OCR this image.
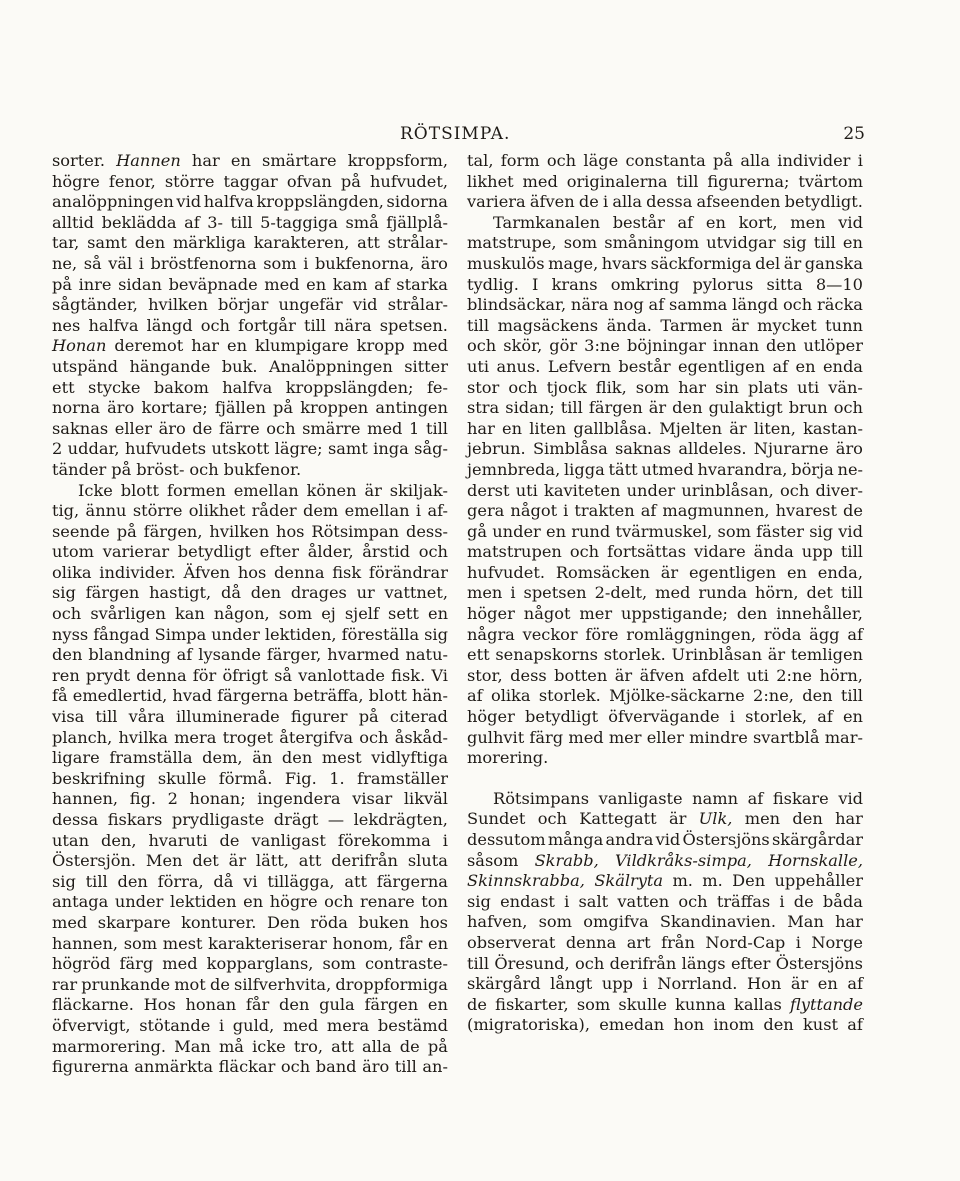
RÖTSIMPA.	25
sorter. Hannen har en smärtare kroppsform,
högre fenor, större taggar ofvan på hufvudet,
analöppningen vid halfva kroppslängden, sidorna
alltid beklädda af 3- till 5-taggiga små fjällplå-
tar, samt den märkliga karakteren, att strålar-
ne, så väl i bröstfenorna som i bukfenorna, äro
på inre sidan beväpnade med en kam af starka
sågtänder, hvilken börjar ungefär vid strålar-
nes halfva längd och fortgår till nära spetsen.
Honan deremot har en klumpigare kropp med
utspänd hängande buk. Analöppningen sitter
ett stycke bakom halfva kroppslängden; fe-
norna äro kortare; fjällen på kroppen antingen
saknas eller äro de färre och smärre med 1 till
2 uddar, hufvudets utskott lägre; samt inga såg-
tänder på bröst- och bukfenor.
Icke blott formen emellan könen är skiljak-
tig, ännu större olikhet råder dem emellan i af-
seende på färgen, hvilken hos Rötsimpan dess-
utom varierar betydligt efter ålder, årstid och
olika individer. Äfven hos denna fisk förändrar
sig färgen hastigt, då den drages ur vattnet,
och svårligen kan någon, som ej sjelf sett en
nyss fångad Simpa under lektiden, föreställa sig
den blandning af lysande färger, hvarmed natu-
ren prydt denna för öfrigt så vanlottade fisk. Vi
få emedlertid, hvad färgerna beträffa, blott hän-
visa till våra illuminerade figurer på citerad
planch, hvilka mera troget återgifva och åskåd-
ligare framställa dem, än den mest vidlyftiga
beskrifning skulle förmå. Fig. 1. framställer
hannen, fig. 2 honan; ingendera visar likväl
dessa fiskars prydligaste drägt — lekdrägten,
utan den, hvaruti de vanligast förekomma i
Östersjön. Men det är lätt, att derifrån sluta
sig till den förra, då vi tillägga, att färgerna
antaga under lektiden en högre och renare ton
med skarpare konturer. Den röda buken hos
hannen, som mest karakteriserar honom, får en
högröd färg med kopparglans, som contraste-
rar prunkande mot de silfverhvita, droppformiga
fläckarne. Hos honan får den gula färgen en
öfvervigt, stötande i guld, med mera bestämd
marmorering. Man må icke tro, att alla de på
figurerna anmärkta fläckar och band äro till an-
tal, form och läge constanta på alla individer i
likhet med originalerna till figurerna; tvärtom
variera äfven de i alla dessa afseenden betydligt.
Tarmkanalen består af en kort, men vid
matstrupe, som småningom utvidgar sig till en
muskulös mage, hvars säckformiga del är ganska
tydlig. I krans omkring pylorus sitta 8—10
blindsäckar, nära nog af samma längd och räcka
till magsäckens ända. Tarmen är mycket tunn
och skör, gör 3:ne böjningar innan den utlöper
uti anus. Lefvern består egentligen af en enda
stor och tjock flik, som har sin plats uti vän-
stra sidan; till färgen är den gulaktigt brun och
har en liten gallblåsa. Mjelten är liten, kastan-
jebrun. Simblåsa saknas alldeles. Njurarne äro
jemnbreda, ligga tätt utmed hvarandra, börja ne-
derst uti kaviteten under urinblåsan, och diver-
gera något i trakten af magmunnen, hvarest de
gå under en rund tvärmuskel, som fäster sig vid
matstrupen och fortsättas vidare ända upp till
hufvudet. Romsäcken är egentligen en enda,
men i spetsen 2-delt, med runda hörn, det till
höger något mer uppstigande; den innehåller,
några veckor före romläggningen, röda ägg af
ett senapskorns storlek. Urinblåsan är temligen
stor, dess botten är äfven afdelt uti 2:ne hörn,
af olika storlek. Mjölke-säckarne 2:ne, den till
höger betydligt öfvervägande i storlek, af en
gulhvit färg med mer eller mindre svartblå mar-
morering.
Rötsimpans vanligaste namn af fiskare vid
Sundet och Kattegatt är Ulk, men den har
dessutom många andra vid Östersjöns skärgårdar
såsom Skrabb, Vildkråks-simpa, Hornskalle,
Skinnskrabba, Skälryta m. m. Den uppehåller
sig endast i salt vatten och träffas i de båda
hafven, som omgifva Skandinavien. Man har
observerat denna art från Nord-Cap i Norge
till Öresund, och derifrån längs efter Östersjöns
skärgård långt upp i Norrland. Hon är en af
de fiskarter, som skulle kunna kallas flyttande
(migratoriska), emedan hon inom den kust af
